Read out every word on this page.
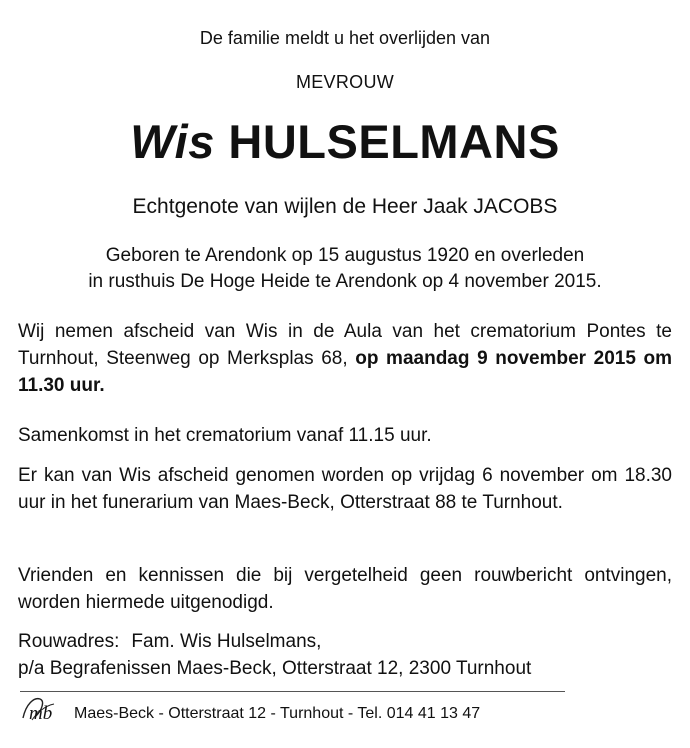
De familie meldt u het overlijden van
MEVROUW
Wis HULSELMANS
Echtgenote van wijlen de Heer Jaak JACOBS
Geboren te Arendonk op 15 augustus 1920 en overleden
in rusthuis De Hoge Heide te Arendonk op 4 november 2015.
Wij nemen afscheid van Wis in de Aula van het crematorium Pontes te Turnhout, Steenweg op Merksplas 68, op maandag 9 november 2015 om 11.30 uur.
Samenkomst in het crematorium vanaf 11.15 uur.
Er kan van Wis afscheid genomen worden op vrijdag 6 november om 18.30 uur in het funerarium van Maes-Beck, Otterstraat 88 te Turnhout.
Vrienden en kennissen die bij vergetelheid geen rouwbericht ontvingen, worden hiermede uitgenodigd.
Rouwadres: Fam. Wis Hulselmans,
p/a Begrafenissen Maes-Beck, Otterstraat 12, 2300 Turnhout
mb Maes-Beck - Otterstraat 12 - Turnhout - Tel. 014 41 13 47
